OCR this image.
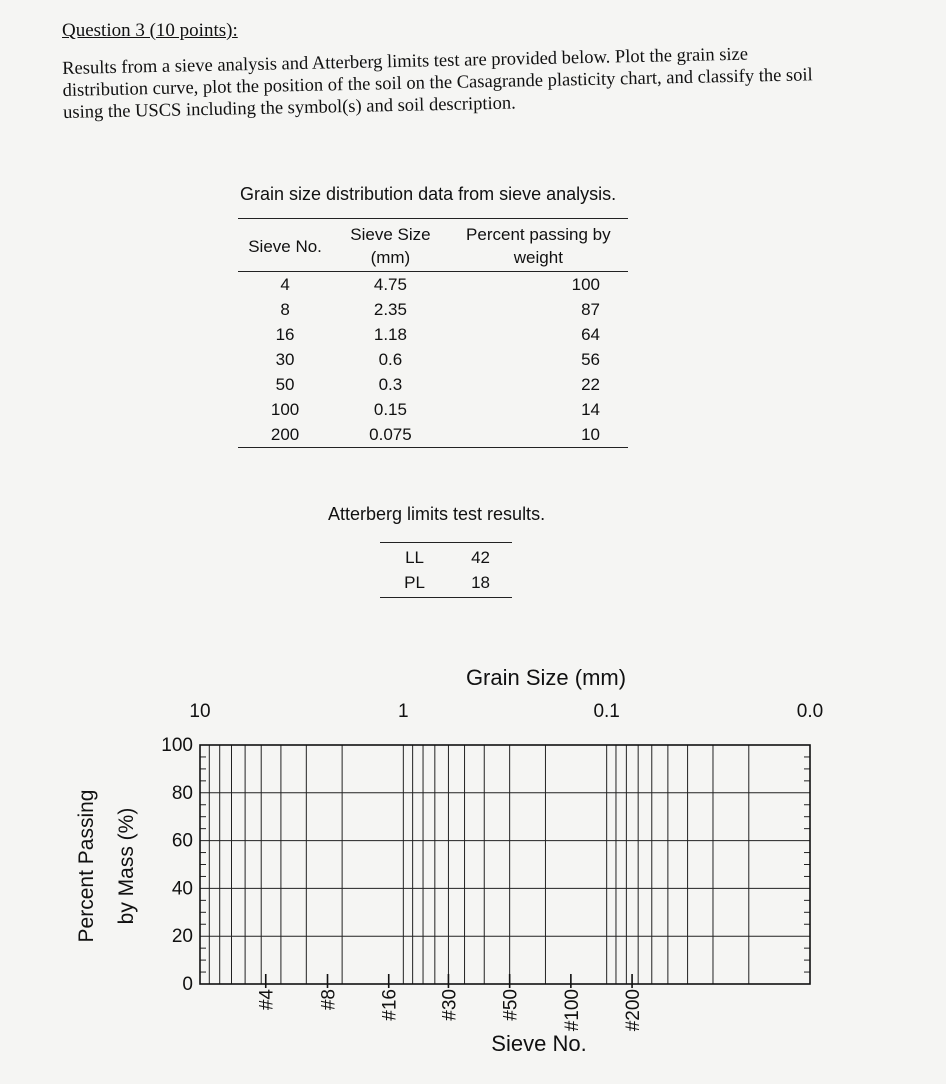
Question 3 (10 points):
Results from a sieve analysis and Atterberg limits test are provided below. Plot the grain size distribution curve, plot the position of the soil on the Casagrande plasticity chart, and classify the soil using the USCS including the symbol(s) and soil description.
Grain size distribution data from sieve analysis.
Sieve No.	Sieve Size (mm)	Percent passing by weight
4	4.75	100
8	2.35	87
16	1.18	64
30	0.6	56
50	0.3	22
100	0.15	14
200	0.075	10
Atterberg limits test results.
LL	42
PL	18
Grain Size (mm)
10	1	0.1	0.0
0
20
40
60
80
100
Percent Passing by Mass (%)
#4 #8 #16 #30 #50 #100 #200
Sieve No.
